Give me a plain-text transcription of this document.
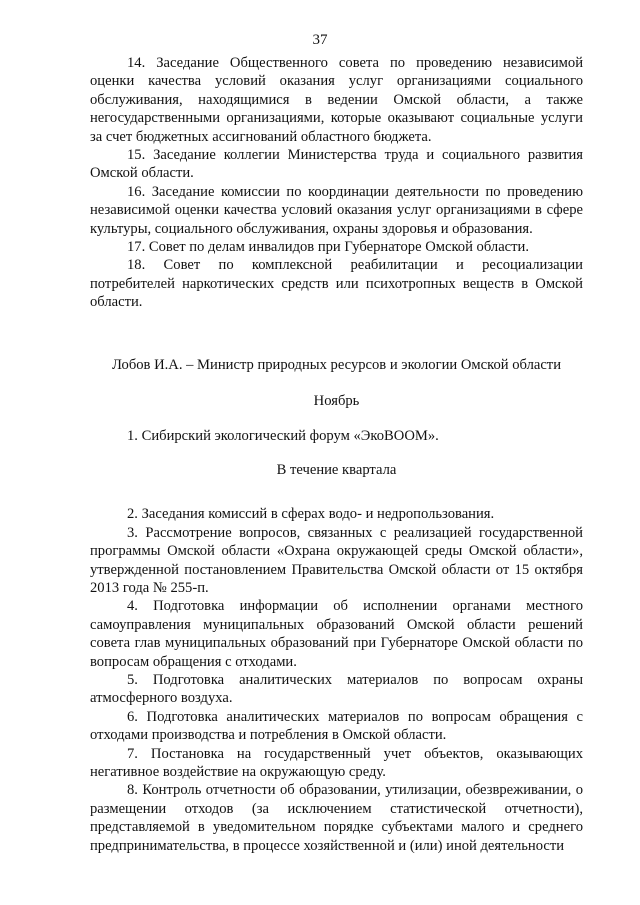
37

14. Заседание Общественного совета по проведению независимой оценки качества условий оказания услуг организациями социального обслуживания, находящимися в ведении Омской области, а также негосударственными организациями, которые оказывают социальные услуги за счет бюджетных ассигнований областного бюджета.

15. Заседание коллегии Министерства труда и социального развития Омской области.

16. Заседание комиссии по координации деятельности по проведению независимой оценки качества условий оказания услуг организациями в сфере культуры, социального обслуживания, охраны здоровья и образования.

17. Совет по делам инвалидов при Губернаторе Омской области.

18. Совет по комплексной реабилитации и ресоциализации потребителей наркотических средств или психотропных веществ в Омской области.

Лобов И.А. – Министр природных ресурсов и экологии Омской области

Ноябрь

1. Сибирский экологический форум «ЭкоВООМ».

В течение квартала

2. Заседания комиссий в сферах водо- и недропользования.

3. Рассмотрение вопросов, связанных с реализацией государственной программы Омской области «Охрана окружающей среды Омской области», утвержденной постановлением Правительства Омской области от 15 октября 2013 года № 255-п.

4. Подготовка информации об исполнении органами местного самоуправления муниципальных образований Омской области решений совета глав муниципальных образований при Губернаторе Омской области по вопросам обращения с отходами.

5. Подготовка аналитических материалов по вопросам охраны атмосферного воздуха.

6. Подготовка аналитических материалов по вопросам обращения с отходами производства и потребления в Омской области.

7. Постановка на государственный учет объектов, оказывающих негативное воздействие на окружающую среду.

8. Контроль отчетности об образовании, утилизации, обезвреживании, о размещении отходов (за исключением статистической отчетности), представляемой в уведомительном порядке субъектами малого и среднего предпринимательства, в процессе хозяйственной и (или) иной деятельности
